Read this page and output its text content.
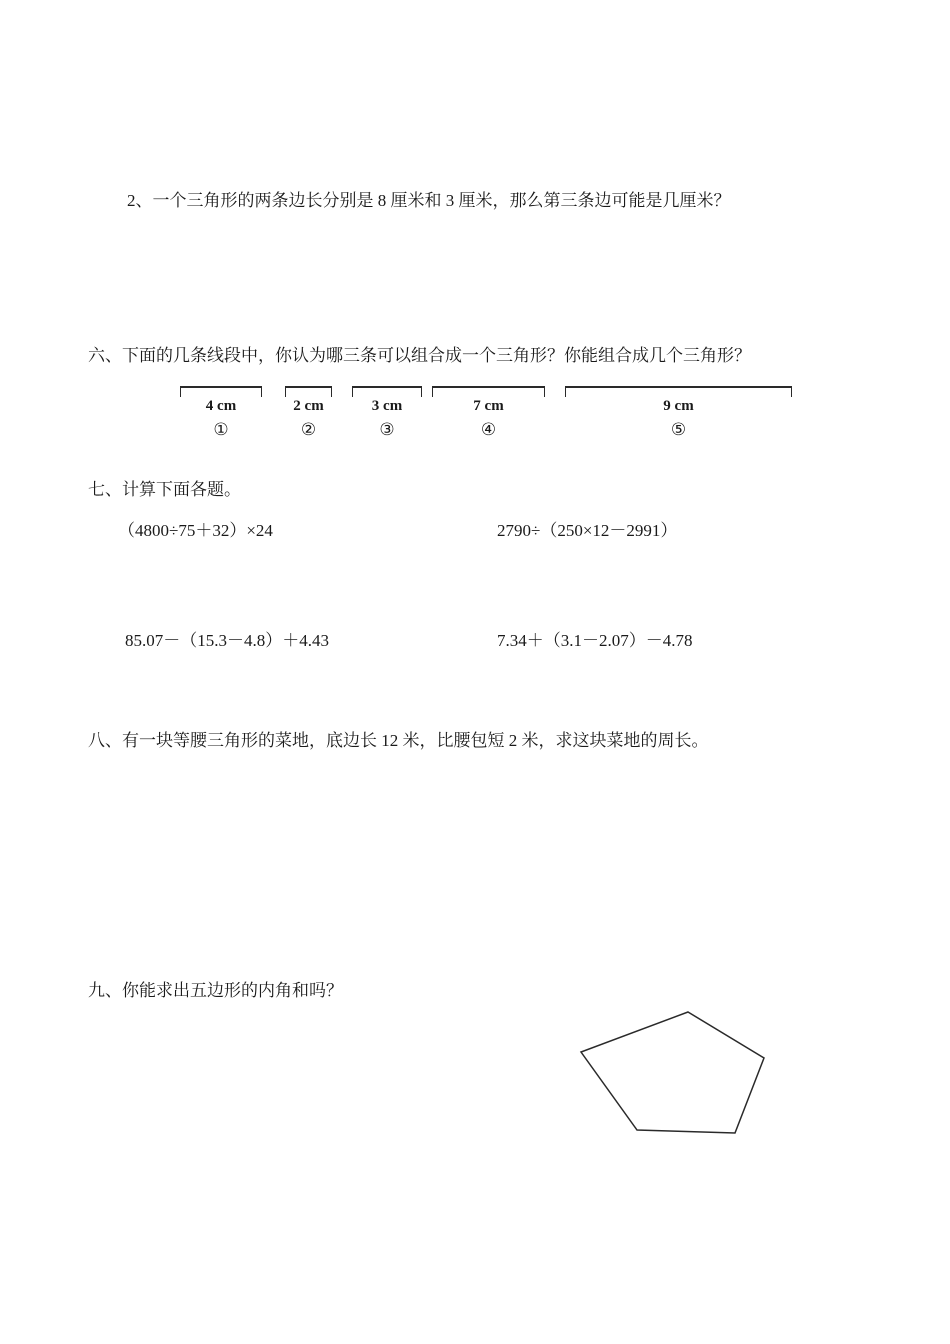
2、一个三角形的两条边长分别是 8 厘米和 3 厘米，那么第三条边可能是几厘米？
六、下面的几条线段中，你认为哪三条可以组合成一个三角形？你能组合成几个三角形？
4 cm
①
2 cm
②
3 cm
③
7 cm
④
9 cm
⑤
七、计算下面各题。
（4800÷75＋32）×24	2790÷（250×12－2991）
85.07－（15.3－4.8）＋4.43	7.34＋（3.1－2.07）－4.78
八、有一块等腰三角形的菜地，底边长 12 米，比腰包短 2 米，求这块菜地的周长。
九、你能求出五边形的内角和吗？
